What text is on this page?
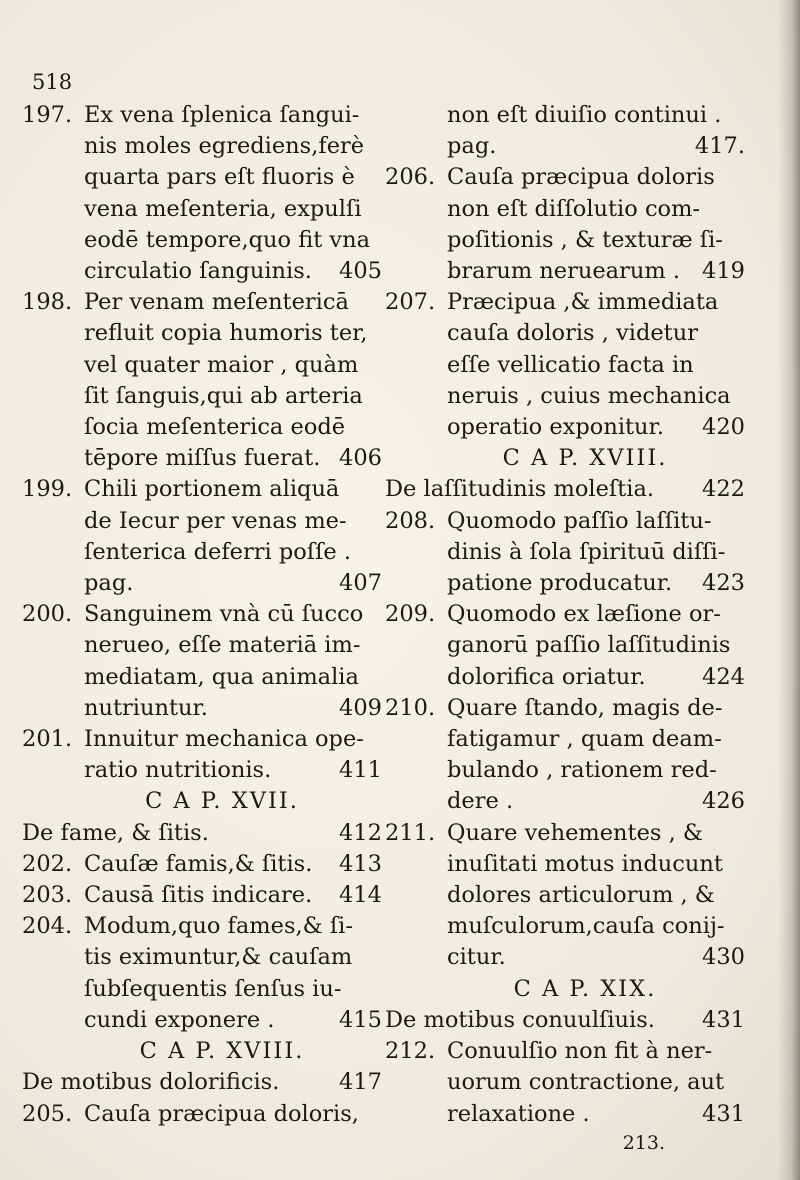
518
197. Ex vena ſplenica ſangui-
nis moles egrediens,ferè
quarta pars eſt fluoris è
vena meſenteria, expulſi
eodē tempore,quo fit vna
405
circulatio ſanguinis.
198. Per venam meſentericā
refluit copia humoris ter,
vel quater maior , quàm
ſit ſanguis,qui ab arteria
ſocia meſenterica eodē
406
tēpore miſſus fuerat.
199. Chili portionem aliquā
de Iecur per venas me-
ſenterica deferri poſſe .
407
pag.
200. Sanguinem vnà cū ſucco
nerueo, eſſe materiā im-
mediatam, qua animalia
409
nutriuntur.
201. Innuitur mechanica ope-
411
ratio nutritionis.
C A P. XVII.
412
De fame, & ſitis.
202.	413
Cauſæ famis,& ſitis.
203.	414
Causā ſitis indicare.
204. Modum,quo fames,& ſi-
tis eximuntur,& cauſam
ſubſequentis ſenſus iu-
415
cundi exponere .
C A P. XVIII.
417
De motibus dolorificis.
205. Cauſa præcipua doloris,
non eſt diuiſio continui .
417.
pag.
206. Cauſa præcipua doloris
non eſt diſſolutio com-
poſitionis , & texturæ ſi-
419
brarum neruearum .
207. Præcipua ,& immediata
cauſa doloris , videtur
eſſe vellicatio facta in
neruis , cuius mechanica
420
operatio exponitur.
C A P. XVIII.
422
De laſſitudinis moleſtia.
208. Quomodo paſſio laſſitu-
dinis à ſola ſpirituū diſſi-
423
patione producatur.
209. Quomodo ex læſione or-
ganorū paſſio laſſitudinis
424
dolorifica oriatur.
210. Quare ſtando, magis de-
fatigamur , quam deam-
bulando , rationem red-
426
dere .
211. Quare vehementes , &
inuſitati motus inducunt
dolores articulorum , &
muſculorum,cauſa conij-
430
citur.
C A P. XIX.
431
De motibus conuulſiuis.
212. Conuulſio non fit à ner-
uorum contractione, aut
431
relaxatione .
213.
